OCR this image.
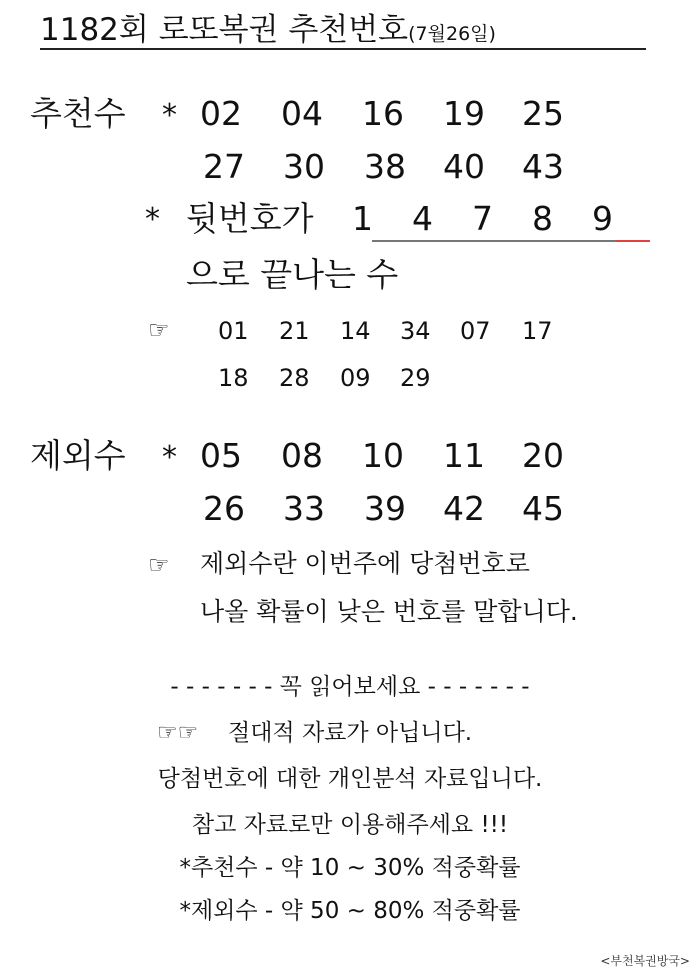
1182회 로또복권 추천번호(7월26일)
추천수 * 02 04 16 19 25
27 30 38 40 43
* 뒷번호가 1 4 7 8 9
으로 끝나는 수
☞ 01 21 14 34 07 17
18 28 09 29
제외수 * 05 08 10 11 20
26 33 39 42 45
☞ 제외수란 이번주에 당첨번호로
나올 확률이 낮은 번호를 말합니다.
- - - - - - - 꼭 읽어보세요 - - - - - - -
☞☞ 절대적 자료가 아닙니다.
당첨번호에 대한 개인분석 자료입니다.
참고 자료로만 이용해주세요 !!!
*추천수 - 약 10 ~ 30% 적중확률
*제외수 - 약 50 ~ 80% 적중확률
<부천복권방국>
